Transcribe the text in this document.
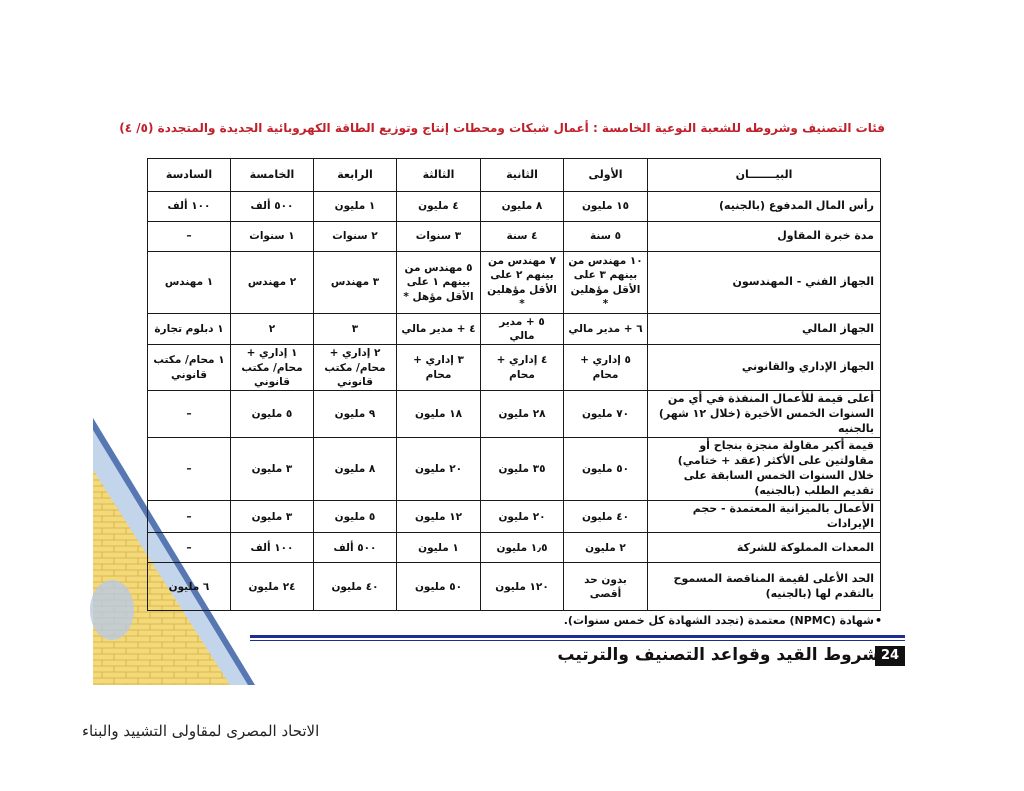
فئات التصنيف وشروطه للشعبة النوعية الخامسة : أعمال شبكات ومحطات إنتاج وتوزيع الطاقة الكهروبائية الجديدة والمتجددة (٥/ ٤)
البيـــــــان	الأولى	الثانية	الثالثة	الرابعة	الخامسة	السادسة
رأس المال المدفوع (بالجنيه)	١٥ مليون	٨ مليون	٤ مليون	١ مليون	٥٠٠ ألف	١٠٠ ألف
مدة خبرة المقاول	٥ سنة	٤ سنة	٣ سنوات	٢ سنوات	١ سنوات	–
الجهاز الفني - المهندسون	١٠ مهندس من بينهم ٣ على الأقل مؤهلين *	٧ مهندس من بينهم ٢ على الأقل مؤهلين *	٥ مهندس من بينهم ١ على الأقل مؤهل *	٣ مهندس	٢ مهندس	١ مهندس
الجهاز المالي	٦ + مدير مالي	٥ + مدير مالي	٤ + مدير مالي	٣	٢	١ دبلوم تجارة
الجهاز الإداري والقانوني	٥ إداري + محام	٤ إداري + محام	٣ إداري + محام	٢ إداري + محام/ مكتب قانوني	١ إداري + محام/ مكتب قانوني	١ محام/ مكتب قانوني
أعلى قيمة للأعمال المنفذة في أي من السنوات الخمس الأخيرة (خلال ١٢ شهر) بالجنيه	٧٠ مليون	٢٨ مليون	١٨ مليون	٩ مليون	٥ مليون	–
قيمة أكبر مقاولة منجزة بنجاح أو مقاولتين على الأكثر (عقد + ختامي) خلال السنوات الخمس السابقة على تقديم الطلب (بالجنيه)	٥٠ مليون	٣٥ مليون	٢٠ مليون	٨ مليون	٣ مليون	–
الأعمال بالميزانية المعتمدة - حجم الإيرادات	٤٠ مليون	٢٠ مليون	١٢ مليون	٥ مليون	٣ مليون	–
المعدات المملوكة للشركة	٢ مليون	١٫٥ مليون	١ مليون	٥٠٠ ألف	١٠٠ ألف	–
الحد الأعلى لقيمة المناقصة المسموح بالتقدم لها (بالجنيه)	بدون حد أقصى	١٢٠ مليون	٥٠ مليون	٤٠ مليون	٢٤ مليون	٦ مليون
•
شهادة (NPMC) معتمدة (تجدد الشهادة كل خمس سنوات).
24
شروط القيد وقواعد التصنيف والترتيب
الاتحاد المصرى لمقاولى التشييد والبناء
